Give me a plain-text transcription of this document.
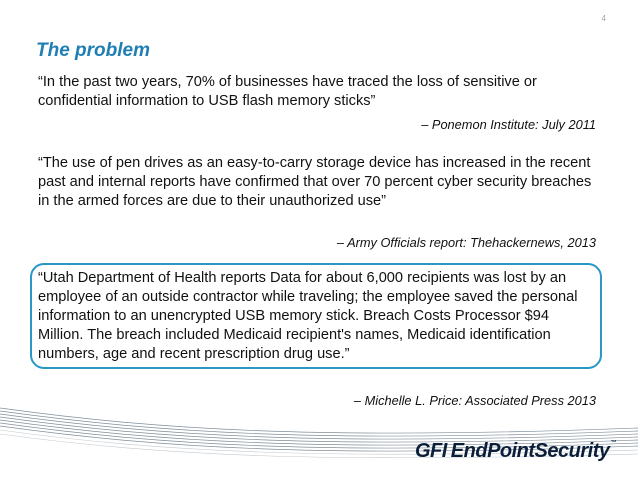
4
The problem

“In the past two years, 70% of businesses have traced the loss of sensitive or confidential information to USB flash memory sticks”

– Ponemon Institute: July 2011

“The use of pen drives as an easy-to-carry storage device has increased in the recent past and internal reports have confirmed that over 70 percent cyber security breaches in the armed forces are due to their unauthorized use”

– Army Officials report: Thehackernews, 2013

“Utah Department of Health reports Data for about 6,000 recipients was lost by an employee of an outside contractor while traveling; the employee saved the personal information to an unencrypted USB memory stick. Breach Costs Processor $94 Million. The breach included Medicaid recipient's names, Medicaid identification numbers, age and recent prescription drug use.”

– Michelle L. Price: Associated Press 2013
GFI EndPointSecurity™
